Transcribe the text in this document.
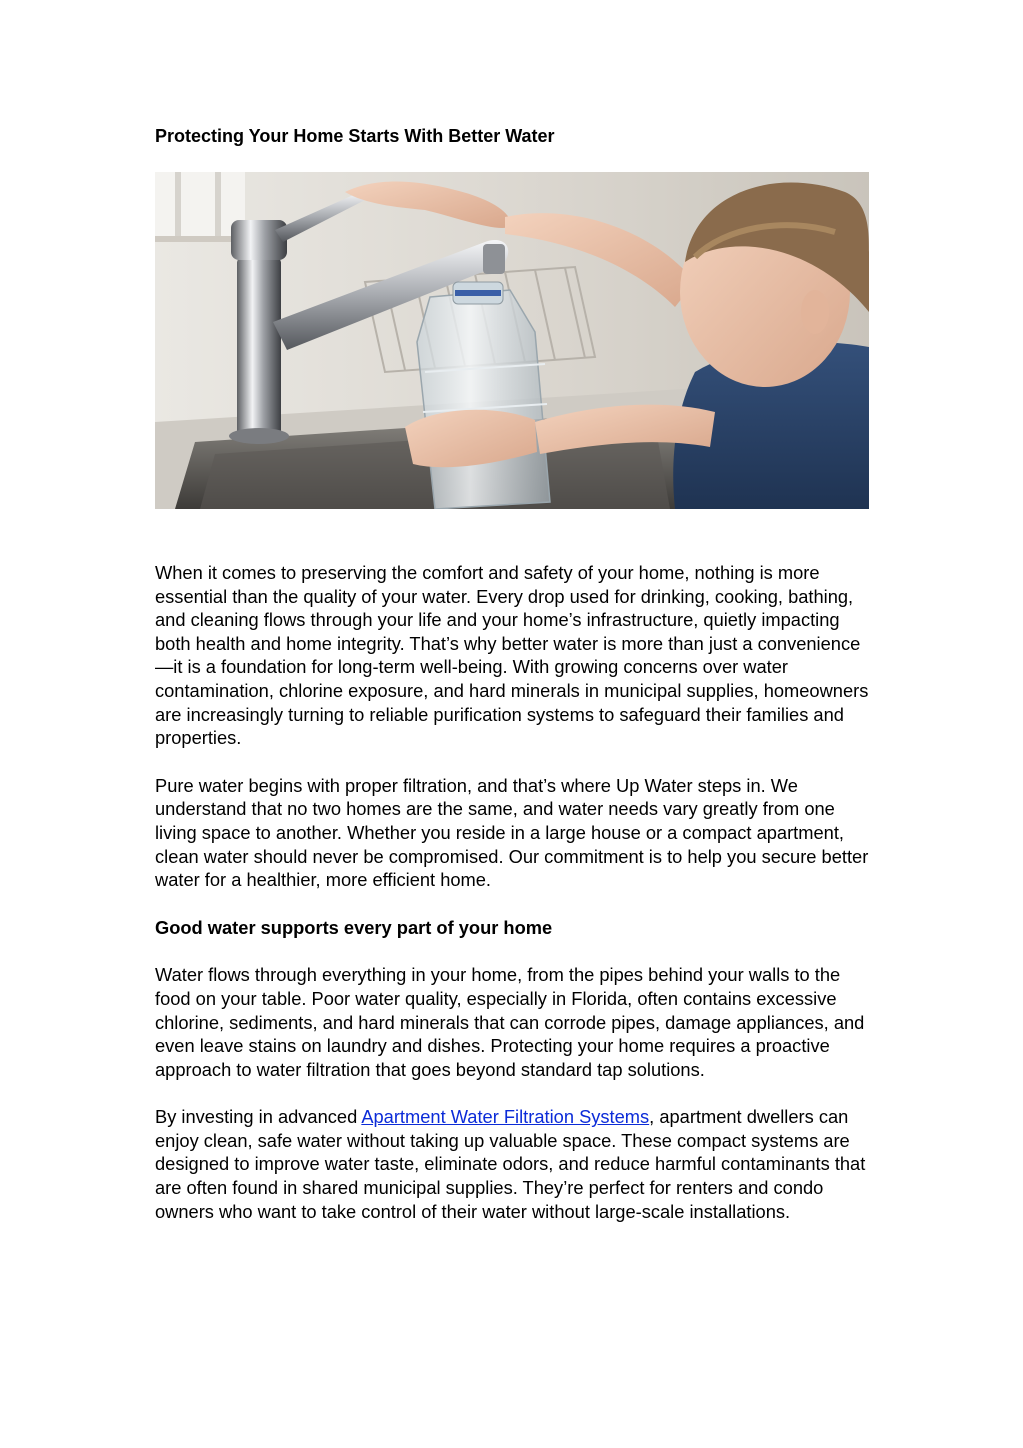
Protecting Your Home Starts With Better Water

When it comes to preserving the comfort and safety of your home, nothing is more essential than the quality of your water. Every drop used for drinking, cooking, bathing, and cleaning flows through your life and your home’s infrastructure, quietly impacting both health and home integrity. That’s why better water is more than just a convenience—it is a foundation for long-term well-being. With growing concerns over water contamination, chlorine exposure, and hard minerals in municipal supplies, homeowners are increasingly turning to reliable purification systems to safeguard their families and properties.

Pure water begins with proper filtration, and that’s where Up Water steps in. We understand that no two homes are the same, and water needs vary greatly from one living space to another. Whether you reside in a large house or a compact apartment, clean water should never be compromised. Our commitment is to help you secure better water for a healthier, more efficient home.

Good water supports every part of your home

Water flows through everything in your home, from the pipes behind your walls to the food on your table. Poor water quality, especially in Florida, often contains excessive chlorine, sediments, and hard minerals that can corrode pipes, damage appliances, and even leave stains on laundry and dishes. Protecting your home requires a proactive approach to water filtration that goes beyond standard tap solutions.

By investing in advanced Apartment Water Filtration Systems, apartment dwellers can enjoy clean, safe water without taking up valuable space. These compact systems are designed to improve water taste, eliminate odors, and reduce harmful contaminants that are often found in shared municipal supplies. They’re perfect for renters and condo owners who want to take control of their water without large-scale installations.
